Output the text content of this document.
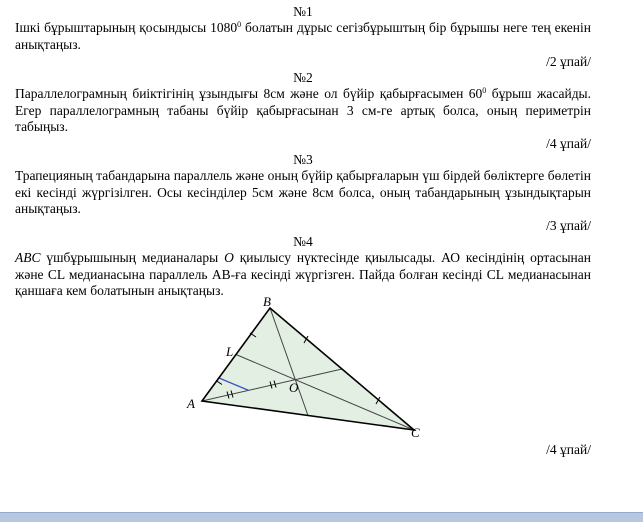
№1
Ішкі бұрыштарының қосындысы 1080$^0$ болатын дұрыс сегізбұрыштың бір бұрышы неге тең екенін анықтаңыз.
/2 ұпай/
№2
Параллелограмның биіктігінің ұзындығы 8см және ол бүйір қабырғасымен $60^0$ бұрыш жасайды. Егер параллелограмның табаны бүйір қабырғасынан 3 см-ге артық болса, оның периметрін табыңыз.
/4 ұпай/
№3
Трапецияның табандарына параллель және оның бүйір қабырғаларын үш бірдей бөліктерге бөлетін екі кесінді жүргізілген. Осы кесінділер 5см және 8см болса, оның табандарының ұзындықтарын анықтаңыз.
/3 ұпай/
№4
ABC үшбұрышының медианалары O қиылысу нүктесінде қиылысады. АО кесіндінің ортасынан және CL медианасына параллель АВ-ға кесінді жүргізген. Пайда болған кесінді CL медианасынан қаншаға кем болатынын анықтаңыз.
A
B
C
L
O
/4 ұпай/
